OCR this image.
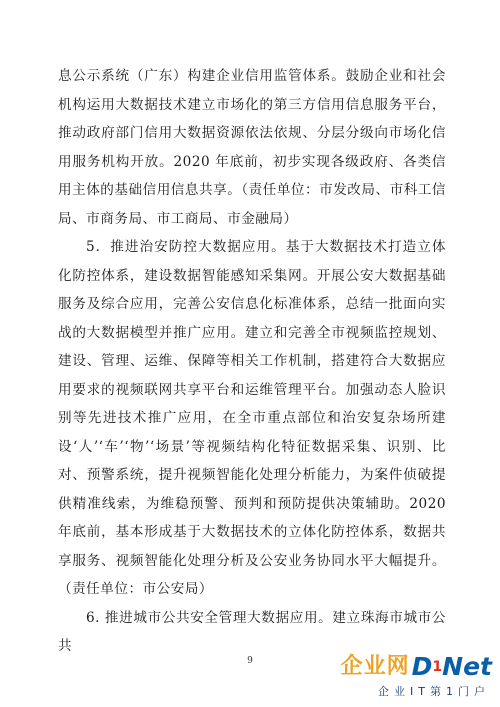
息公示系统（广东）构建企业信用监管体系。鼓励企业和社会机构运用大数据技术建立市场化的第三方信用信息服务平台，推动政府部门信用大数据资源依法依规、分层分级向市场化信用服务机构开放。2020 年底前，初步实现各级政府、各类信用主体的基础信用信息共享。（责任单位：市发改局、市科工信局、市商务局、市工商局、市金融局）

5．推进治安防控大数据应用。基于大数据技术打造立体化防控体系，建设数据智能感知采集网。开展公安大数据基础服务及综合应用，完善公安信息化标准体系，总结一批面向实战的大数据模型并推广应用。建立和完善全市视频监控规划、建设、管理、运维、保障等相关工作机制，搭建符合大数据应用要求的视频联网共享平台和运维管理平台。加强动态人脸识别等先进技术推广应用，在全市重点部位和治安复杂场所建设‘人’‘车’‘物’‘场景’等视频结构化特征数据采集、识别、比对、预警系统，提升视频智能化处理分析能力，为案件侦破提供精准线索，为维稳预警、预判和预防提供决策辅助。2020 年底前，基本形成基于大数据技术的立体化防控体系，数据共享服务、视频智能化处理分析及公安业务协同水平大幅提升。（责任单位：市公安局）

6. 推进城市公共安全管理大数据应用。建立珠海市城市公共

9	企业网 D 1 Net
企业IT第1门户
